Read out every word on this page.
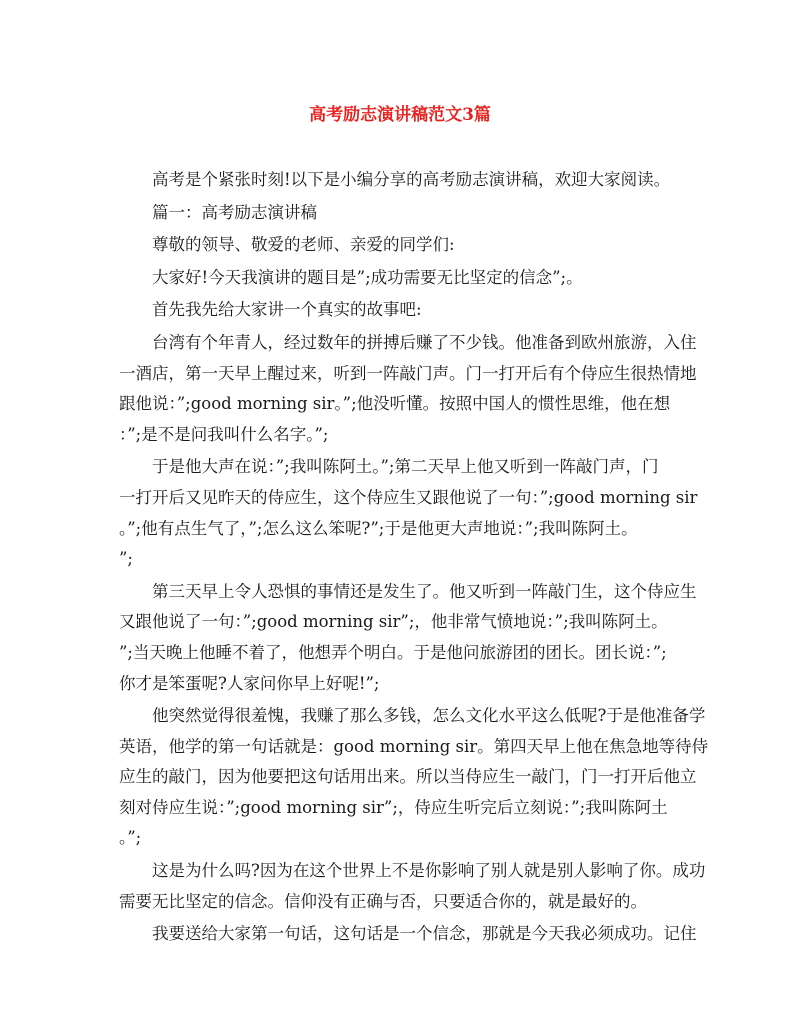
高考励志演讲稿范文3篇
高考是个紧张时刻!以下是小编分享的高考励志演讲稿，欢迎大家阅读。
篇一：高考励志演讲稿
尊敬的领导、敬爱的老师、亲爱的同学们:
大家好!今天我演讲的题目是”;成功需要无比坚定的信念”;。
首先我先给大家讲一个真实的故事吧:
台湾有个年青人，经过数年的拼搏后赚了不少钱。他准备到欧州旅游，入住
一酒店，第一天早上醒过来，听到一阵敲门声。门一打开后有个侍应生很热情地
跟他说：”;good morning sir。”;他没听懂。按照中国人的惯性思维，他在想
：”;是不是问我叫什么名字。”;
于是他大声在说：”;我叫陈阿土。”;第二天早上他又听到一阵敲门声，门
一打开后又见昨天的侍应生，这个侍应生又跟他说了一句：”;good morning sir
。”;他有点生气了，”;怎么这么笨呢?”;于是他更大声地说：”;我叫陈阿土。
”;
第三天早上令人恐惧的事情还是发生了。他又听到一阵敲门生，这个侍应生
又跟他说了一句：”;good morning sir”;，他非常气愤地说：”;我叫陈阿土。
”;当天晚上他睡不着了，他想弄个明白。于是他问旅游团的团长。团长说：”;
你才是笨蛋呢?人家问你早上好呢!”;
他突然觉得很羞愧，我赚了那么多钱，怎么文化水平这么低呢?于是他准备学
英语，他学的第一句话就是：good morning sir。第四天早上他在焦急地等待侍
应生的敲门，因为他要把这句话用出来。所以当侍应生一敲门，门一打开后他立
刻对侍应生说：”;good morning sir”;，侍应生听完后立刻说：”;我叫陈阿土
。”;
这是为什么吗?因为在这个世界上不是你影响了别人就是别人影响了你。成功
需要无比坚定的信念。信仰没有正确与否，只要适合你的，就是最好的。
我要送给大家第一句话，这句话是一个信念，那就是今天我必须成功。记住
